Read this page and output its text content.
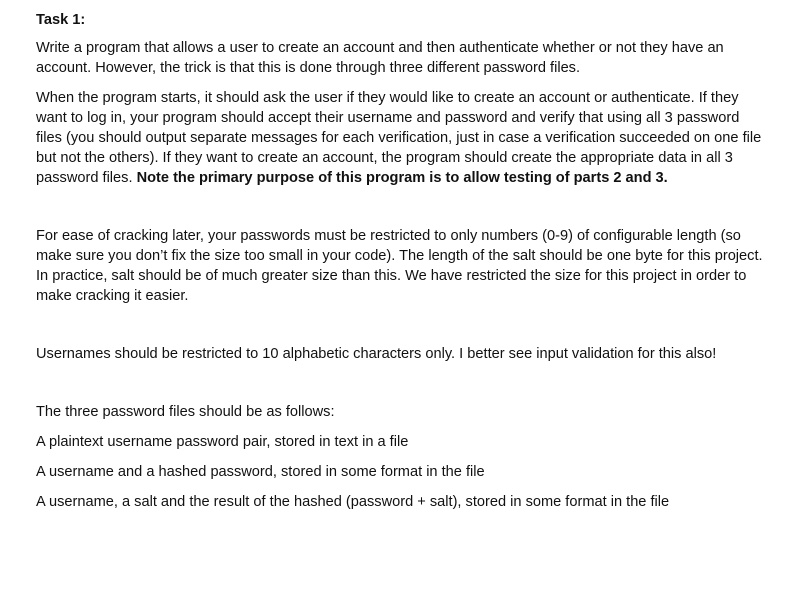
Task 1:

Write a program that allows a user to create an account and then authenticate whether or not they have an account. However, the trick is that this is done through three different password files.

When the program starts, it should ask the user if they would like to create an account or authenticate. If they want to log in, your program should accept their username and password and verify that using all 3 password files (you should output separate messages for each verification, just in case a verification succeeded on one file but not the others). If they want to create an account, the program should create the appropriate data in all 3 password files. Note the primary purpose of this program is to allow testing of parts 2 and 3.

For ease of cracking later, your passwords must be restricted to only numbers (0-9) of configurable length (so make sure you don’t fix the size too small in your code). The length of the salt should be one byte for this project. In practice, salt should be of much greater size than this. We have restricted the size for this project in order to make cracking it easier.

Usernames should be restricted to 10 alphabetic characters only. I better see input validation for this also!

The three password files should be as follows:

A plaintext username password pair, stored in text in a file

A username and a hashed password, stored in some format in the file

A username, a salt and the result of the hashed (password + salt), stored in some format in the file
